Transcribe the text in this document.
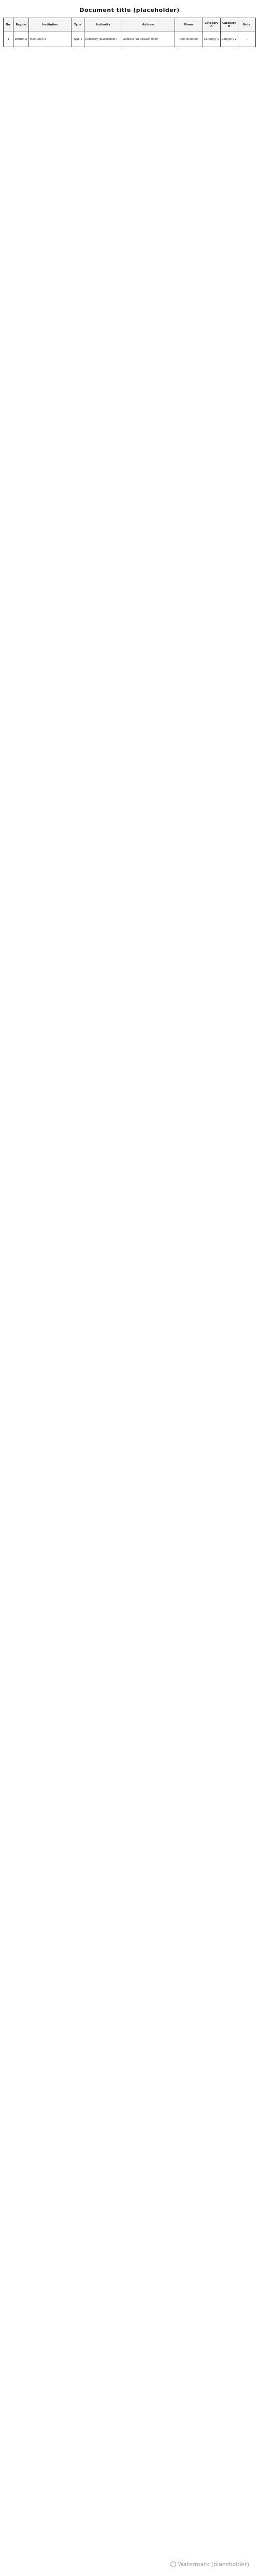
Document title (placeholder)
No.	Region	Institution	Type	Authority	Address	Phone	Category A	Category B	Note
1	District A	Institution 1	Type 1	Authority (placeholder)	Address line (placeholder)	000-0000000	Category 1	Category 2	—
Watermark (placeholder)
